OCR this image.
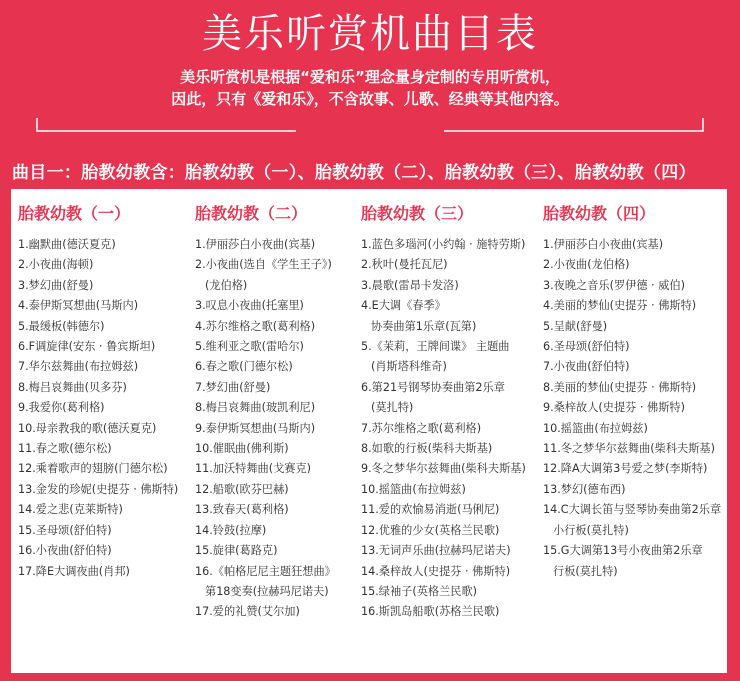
美乐听赏机曲目表
美乐听赏机是根据“爱和乐”理念量身定制的专用听赏机，
因此，只有《爱和乐》，不含故事、儿歌、经典等其他内容。
曲目一：胎教幼教含：胎教幼教（一）、胎教幼教（二）、胎教幼教（三）、胎教幼教（四）
胎教幼教（一）
1.幽默曲(德沃夏克)
2.小夜曲(海顿)
3.梦幻曲(舒曼)
4.泰伊斯冥想曲(马斯内)
5.最缓板(韩德尔)
6.F调旋律(安东 · 鲁宾斯坦)
7.华尔兹舞曲(布拉姆兹)
8.梅吕哀舞曲(贝多芬)
9.我爱你(葛利格)
10.母亲教我的歌(德沃夏克)
11.春之歌(德尔松)
12.乘着歌声的翅膀(门德尔松)
13.金发的珍妮(史提芬 · 佛斯特)
14.爱之悲(克莱斯特)
15.圣母颂(舒伯特)
16.小夜曲(舒伯特)
17.降E大调夜曲(肖邦)
胎教幼教（二）
1.伊丽莎白小夜曲(宾基)
2.小夜曲(选自《学生王子》)
(龙伯格)
3.叹息小夜曲(托塞里)
4.苏尔维格之歌(葛利格)
5.维利亚之歌(雷哈尔)
6.春之歌(门德尔松)
7.梦幻曲(舒曼)
8.梅吕哀舞曲(玻凯利尼)
9.泰伊斯冥想曲(马斯内)
10.催眠曲(佛利斯)
11.加沃特舞曲(戈赛克)
12.船歌(欧芬巴赫)
13.致春天(葛利格)
14.铃鼓(拉摩)
15.旋律(葛路克)
16.《帕格尼尼主题狂想曲》
第18变奏(拉赫玛尼诺夫)
17.爱的礼赞(艾尔加)
胎教幼教（三）
1.蓝色多瑙河(小约翰 · 施特劳斯)
2.秋叶(曼托瓦尼)
3.晨歌(雷昂卡发洛)
4.E大调《春季》
协奏曲第1乐章(瓦第)
5.《茉莉，王牌间谍》 主题曲
(肖斯塔科维奇)
6.第21号钢琴协奏曲第2乐章
(莫扎特)
7.苏尔维格之歌(葛利格)
8.如歌的行板(柴科夫斯基)
9.冬之梦华尔兹舞曲(柴科夫斯基)
10.摇篮曲(布拉姆兹)
11.爱的欢愉易消逝(马俐尼)
12.优雅的少女(英格兰民歌)
13.无词声乐曲(拉赫玛尼诺夫)
14.桑梓故人(史提芬 · 佛斯特)
15.绿袖子(英格兰民歌)
16.斯凯岛船歌(苏格兰民歌)
胎教幼教（四）
1.伊丽莎白小夜曲(宾基)
2.小夜曲(龙伯格)
3.夜晚之音乐(罗伊德 · 威伯)
4.美丽的梦仙(史提芬 · 佛斯特)
5.呈献(舒曼)
6.圣母颂(舒伯特)
7.小夜曲(舒伯特)
8.美丽的梦仙(史提芬 · 佛斯特)
9.桑梓故人(史提芬 · 佛斯特)
10.摇篮曲(布拉姆兹)
11.冬之梦华尔兹舞曲(柴科夫斯基)
12.降A大调第3号爱之梦(李斯特)
13.梦幻(德布西)
14.C大调长笛与竖琴协奏曲第2乐章
小行板(莫扎特)
15.G大调第13号小夜曲第2乐章
行板(莫扎特)
